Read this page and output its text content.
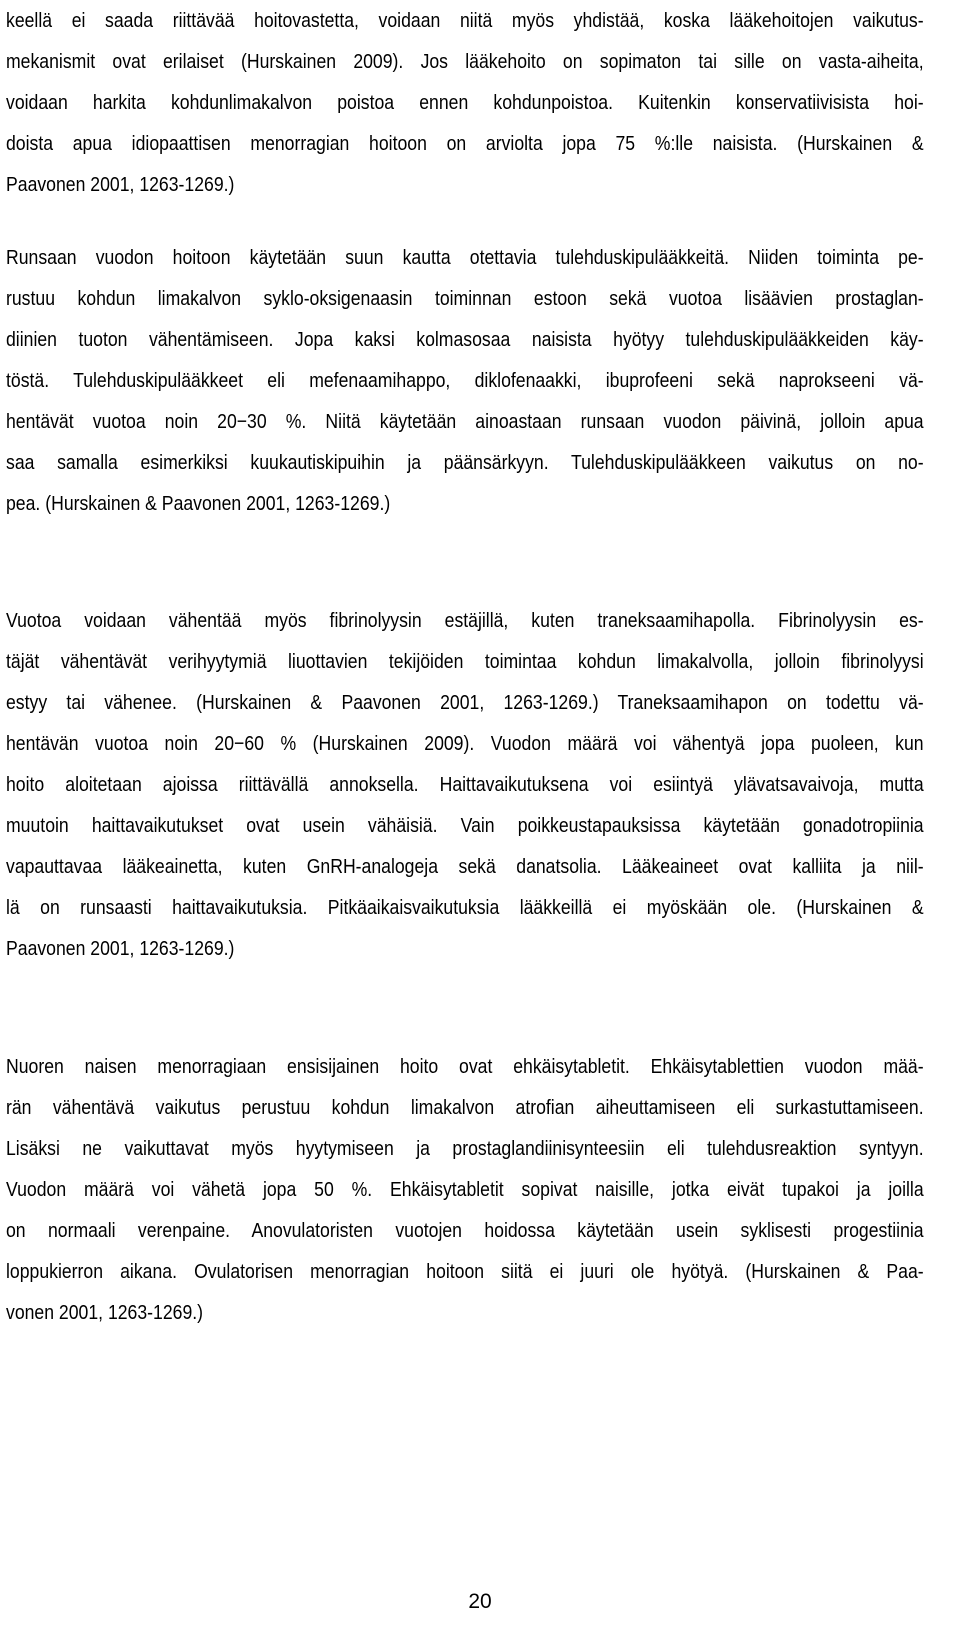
keellä ei saada riittävää hoitovastetta, voidaan niitä myös yhdistää, koska lääkehoitojen vaikutus-
mekanismit ovat erilaiset (Hurskainen 2009). Jos lääkehoito on sopimaton tai sille on vasta-aiheita,
voidaan harkita kohdunlimakalvon poistoa ennen kohdunpoistoa. Kuitenkin konservatiivisista hoi-
doista apua idiopaattisen menorragian hoitoon on arviolta jopa 75 %:lle naisista. (Hurskainen &
Paavonen 2001, 1263-1269.)
Runsaan vuodon hoitoon käytetään suun kautta otettavia tulehduskipulääkkeitä. Niiden toiminta pe-
rustuu kohdun limakalvon syklo-oksigenaasin toiminnan estoon sekä vuotoa lisäävien prostaglan-
diinien tuoton vähentämiseen. Jopa kaksi kolmasosaa naisista hyötyy tulehduskipulääkkeiden käy-
töstä. Tulehduskipulääkkeet eli mefenaamihappo, diklofenaakki, ibuprofeeni sekä naprokseeni vä-
hentävät vuotoa noin 20−30 %. Niitä käytetään ainoastaan runsaan vuodon päivinä, jolloin apua
saa samalla esimerkiksi kuukautiskipuihin ja päänsärkyyn. Tulehduskipulääkkeen vaikutus on no-
pea. (Hurskainen & Paavonen 2001, 1263-1269.)
Vuotoa voidaan vähentää myös fibrinolyysin estäjillä, kuten traneksaamihapolla. Fibrinolyysin es-
täjät vähentävät verihyytymiä liuottavien tekijöiden toimintaa kohdun limakalvolla, jolloin fibrinolyysi
estyy tai vähenee. (Hurskainen & Paavonen 2001, 1263-1269.) Traneksaamihapon on todettu vä-
hentävän vuotoa noin 20−60 % (Hurskainen 2009). Vuodon määrä voi vähentyä jopa puoleen, kun
hoito aloitetaan ajoissa riittävällä annoksella. Haittavaikutuksena voi esiintyä ylävatsavaivoja, mutta
muutoin haittavaikutukset ovat usein vähäisiä. Vain poikkeustapauksissa käytetään gonadotropiinia
vapauttavaa lääkeainetta, kuten GnRH-analogeja sekä danatsolia. Lääkeaineet ovat kalliita ja niil-
lä on runsaasti haittavaikutuksia. Pitkäaikaisvaikutuksia lääkkeillä ei myöskään ole. (Hurskainen &
Paavonen 2001, 1263-1269.)
Nuoren naisen menorragiaan ensisijainen hoito ovat ehkäisytabletit. Ehkäisytablettien vuodon mää-
rän vähentävä vaikutus perustuu kohdun limakalvon atrofian aiheuttamiseen eli surkastuttamiseen.
Lisäksi ne vaikuttavat myös hyytymiseen ja prostaglandiinisynteesiin eli tulehdusreaktion syntyyn.
Vuodon määrä voi vähetä jopa 50 %. Ehkäisytabletit sopivat naisille, jotka eivät tupakoi ja joilla
on normaali verenpaine. Anovulatoristen vuotojen hoidossa käytetään usein syklisesti progestiinia
loppukierron aikana. Ovulatorisen menorragian hoitoon siitä ei juuri ole hyötyä. (Hurskainen & Paa-
vonen 2001, 1263-1269.)
20
